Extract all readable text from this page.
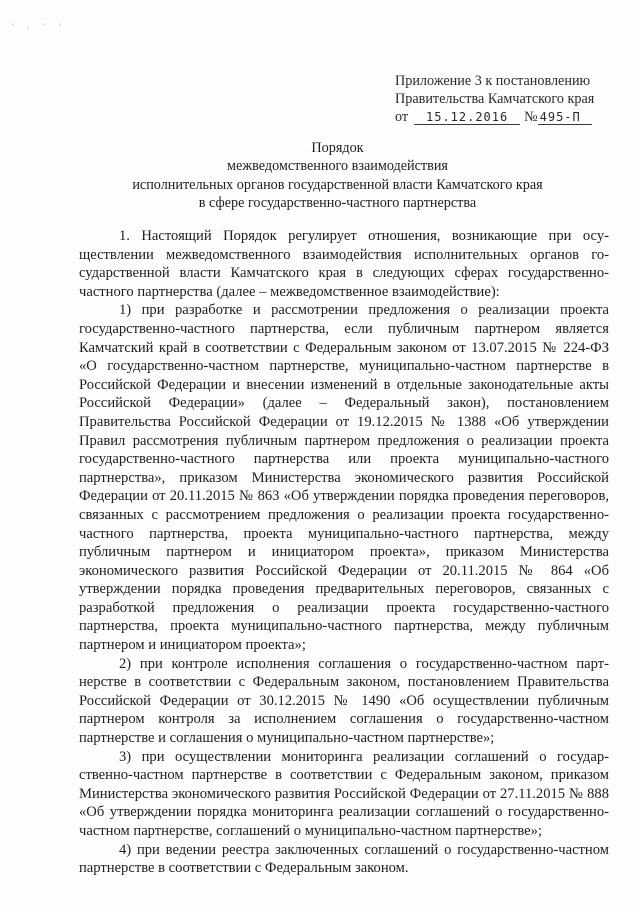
' . ' '
Приложение 3 к постановлению
Правительства Камчатского края
от	15.12.2016	№ 495-П
Порядок
межведомственного взаимодействия
исполнительных органов государственной власти Камчатского края
в сфере государственно-частного партнерства

1. Настоящий Порядок регулирует отношения, возникающие при осуществлении межведомственного взаимодействия исполнительных органов государственной власти Камчатского края в следующих сферах государственно-частного партнерства (далее – межведомственное взаимодействие):

1) при разработке и рассмотрении предложения о реализации проекта государственно-частного партнерства, если публичным партнером является Камчатский край в соответствии с Федеральным законом от 13.07.2015 № 224-ФЗ «О государственно-частном партнерстве, муниципально-частном партнерстве в Российской Федерации и внесении изменений в отдельные законодательные акты Российской Федерации» (далее – Федеральный закон), постановлением Правительства Российской Федерации от 19.12.2015 № 1388 «Об утверждении Правил рассмотрения публичным партнером предложения о реализации проекта государственно-частного партнерства или проекта муниципально-частного партнерства», приказом Министерства экономического развития Российской Федерации от 20.11.2015 № 863 «Об утверждении порядка проведения переговоров, связанных с рассмотрением предложения о реализации проекта государственно-частного партнерства, проекта муниципально-частного партнерства, между публичным партнером и инициатором проекта», приказом Министерства экономического развития Российской Федерации от 20.11.2015 № 864 «Об утверждении порядка проведения предварительных переговоров, связанных с разработкой предложения о реализации проекта государственно-частного партнерства, проекта муниципально-частного партнерства, между публичным партнером и инициатором проекта»;

2) при контроле исполнения соглашения о государственно-частном партнерстве в соответствии с Федеральным законом, постановлением Правительства Российской Федерации от 30.12.2015 № 1490 «Об осуществлении публичным партнером контроля за исполнением соглашения о государственно-частном партнерстве и соглашения о муниципально-частном партнерстве»;

3) при осуществлении мониторинга реализации соглашений о государственно-частном партнерстве в соответствии с Федеральным законом, приказом Министерства экономического развития Российской Федерации от 27.11.2015 № 888 «Об утверждении порядка мониторинга реализации соглашений о государственно-частном партнерстве, соглашений о муниципально-частном партнерстве»;

4) при ведении реестра заключенных соглашений о государственно-частном партнерстве в соответствии с Федеральным законом.
